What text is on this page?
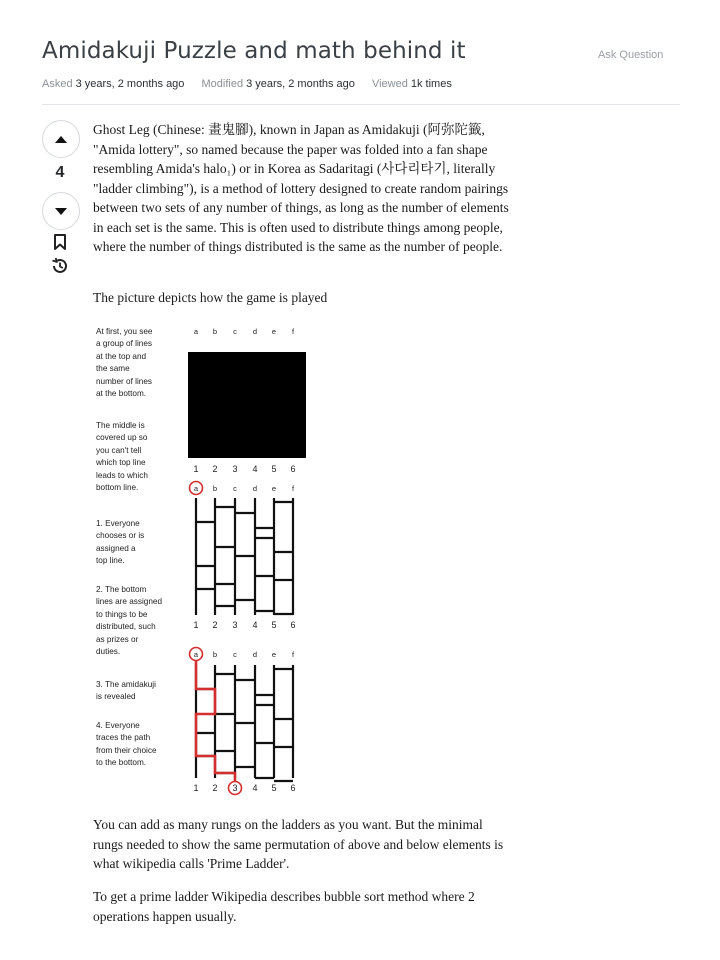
Amidakuji Puzzle and math behind it	Ask Question
Asked 3 years, 2 months ago Modified 3 years, 2 months ago Viewed 1k times
4

Ghost Leg (Chinese: 畫鬼腳), known in Japan as Amidakuji (阿弥陀籤, "Amida lottery", so named because the paper was folded into a fan shape resembling Amida's halo₁) or in Korea as Sadaritagi (사다리타기, literally "ladder climbing"), is a method of lottery designed to create random pairings between two sets of any number of things, as long as the number of elements in each set is the same. This is often used to distribute things among people, where the number of things distributed is the same as the number of people.

The picture depicts how the game is played

At first, you see
a group of lines
at the top and
the same
number of lines
at the bottom.
The middle is
covered up so
you can't tell
which top line
leads to which
bottom line.
1. Everyone
chooses or is
assigned a
top line.
2. The bottom
lines are assigned
to things to be
distributed, such
as prizes or
duties.
3. The amidakuji
is revealed
4. Everyone
traces the path
from their choice
to the bottom.
a b c d e f
1 2 3 4 5 6
a b c d e f
1 2 3 4 5 6
a b c d e f
1 2 3 4 5 6

You can add as many rungs on the ladders as you want. But the minimal rungs needed to show the same permutation of above and below elements is what wikipedia calls 'Prime Ladder'.

To get a prime ladder Wikipedia describes bubble sort method where 2 operations happen usually.
